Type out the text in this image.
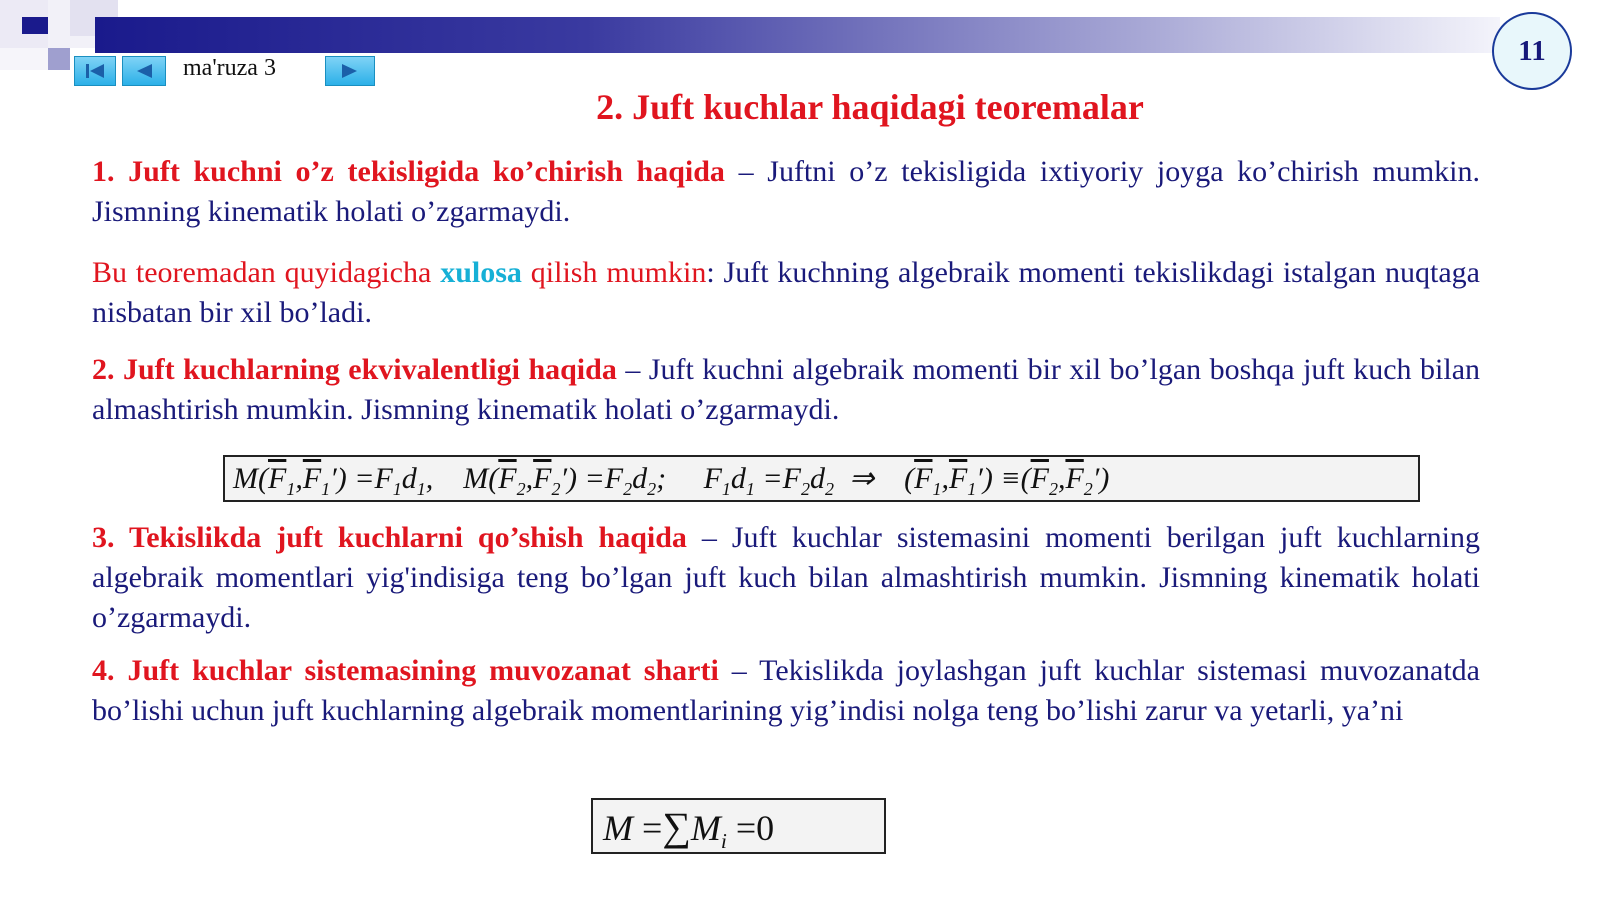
ma'ruza 3
11
2. Juft kuchlar haqidagi teoremalar

1. Juft kuchni o’z tekisligida ko’chirish haqida – Juftni o’z tekisligida ixtiyoriy joyga ko’chirish mumkin. Jismning kinematik holati o’zgarmaydi.

Bu teoremadan quyidagicha xulosa qilish mumkin: Juft kuchning algebraik momenti tekislikdagi istalgan nuqtaga nisbatan bir xil bo’ladi.

2. Juft kuchlarning ekvivalentligi haqida – Juft kuchni algebraik momenti bir xil bo’lgan boshqa juft kuch bilan almashtirish mumkin. Jismning kinematik holati o’zgarmaydi.

$M(\overline{F}_1,\overline{F}_1') =F_1d_1$, $M(\overline{F}_2,\overline{F}_2') =F_2d_2$; $F_1d_1 =F_2d_2$ ⇒ $(\overline{F}_1,\overline{F}_1') \equiv(\overline{F}_2,\overline{F}_2')$

3. Tekislikda juft kuchlarni qo’shish haqida – Juft kuchlar sistemasini momenti berilgan juft kuchlarning algebraik momentlari yig'indisiga teng bo’lgan juft kuch bilan almashtirish mumkin. Jismning kinematik holati o’zgarmaydi.

4. Juft kuchlar sistemasining muvozanat sharti – Tekislikda joylashgan juft kuchlar sistemasi muvozanatda bo’lishi uchun juft kuchlarning algebraik momentlarining yig’indisi nolga teng bo’lishi zarur va yetarli, ya’ni

$M =\sum M_i =0$
